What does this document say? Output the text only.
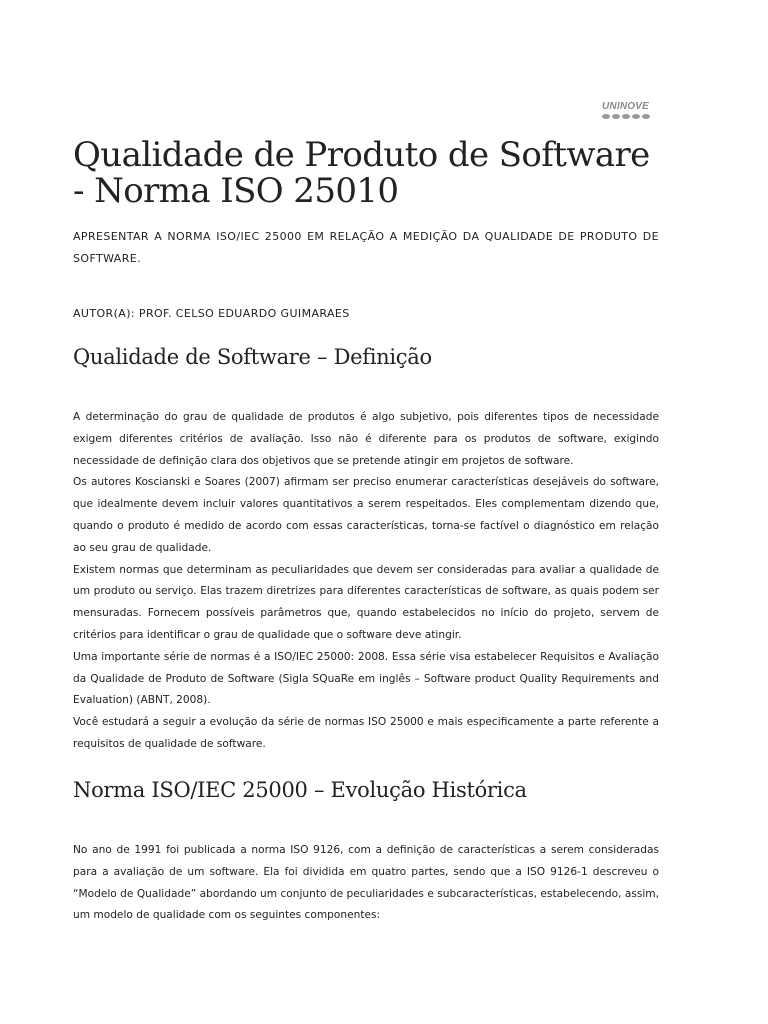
UNINOVE
Qualidade de Produto de Software - Norma ISO 25010

APRESENTAR A NORMA ISO/IEC 25000 EM RELAÇÃO A MEDIÇÃO DA QUALIDADE DE PRODUTO DE SOFTWARE.

AUTOR(A): PROF. CELSO EDUARDO GUIMARAES

Qualidade de Software – Definição

A determinação do grau de qualidade de produtos é algo subjetivo, pois diferentes tipos de necessidade exigem diferentes critérios de avaliação. Isso não é diferente para os produtos de software, exigindo necessidade de definição clara dos objetivos que se pretende atingir em projetos de software.

Os autores Koscianski e Soares (2007) afirmam ser preciso enumerar características desejáveis do software, que idealmente devem incluir valores quantitativos a serem respeitados. Eles complementam dizendo que, quando o produto é medido de acordo com essas características, torna-se factível o diagnóstico em relação ao seu grau de qualidade.

Existem normas que determinam as peculiaridades que devem ser consideradas para avaliar a qualidade de um produto ou serviço. Elas trazem diretrizes para diferentes características de software, as quais podem ser mensuradas. Fornecem possíveis parâmetros que, quando estabelecidos no início do projeto, servem de critérios para identificar o grau de qualidade que o software deve atingir.

Uma importante série de normas é a ISO/IEC 25000: 2008. Essa série visa estabelecer Requisitos e Avaliação da Qualidade de Produto de Software (Sigla SQuaRe em inglês – Software product Quality Requirements and Evaluation) (ABNT, 2008).

Você estudará a seguir a evolução da série de normas ISO 25000 e mais especificamente a parte referente a requisitos de qualidade de software.

Norma ISO/IEC 25000 – Evolução Histórica

No ano de 1991 foi publicada a norma ISO 9126, com a definição de características a serem consideradas para a avaliação de um software. Ela foi dividida em quatro partes, sendo que a ISO 9126-1 descreveu o “Modelo de Qualidade” abordando um conjunto de peculiaridades e subcaracterísticas, estabelecendo, assim, um modelo de qualidade com os seguintes componentes:
